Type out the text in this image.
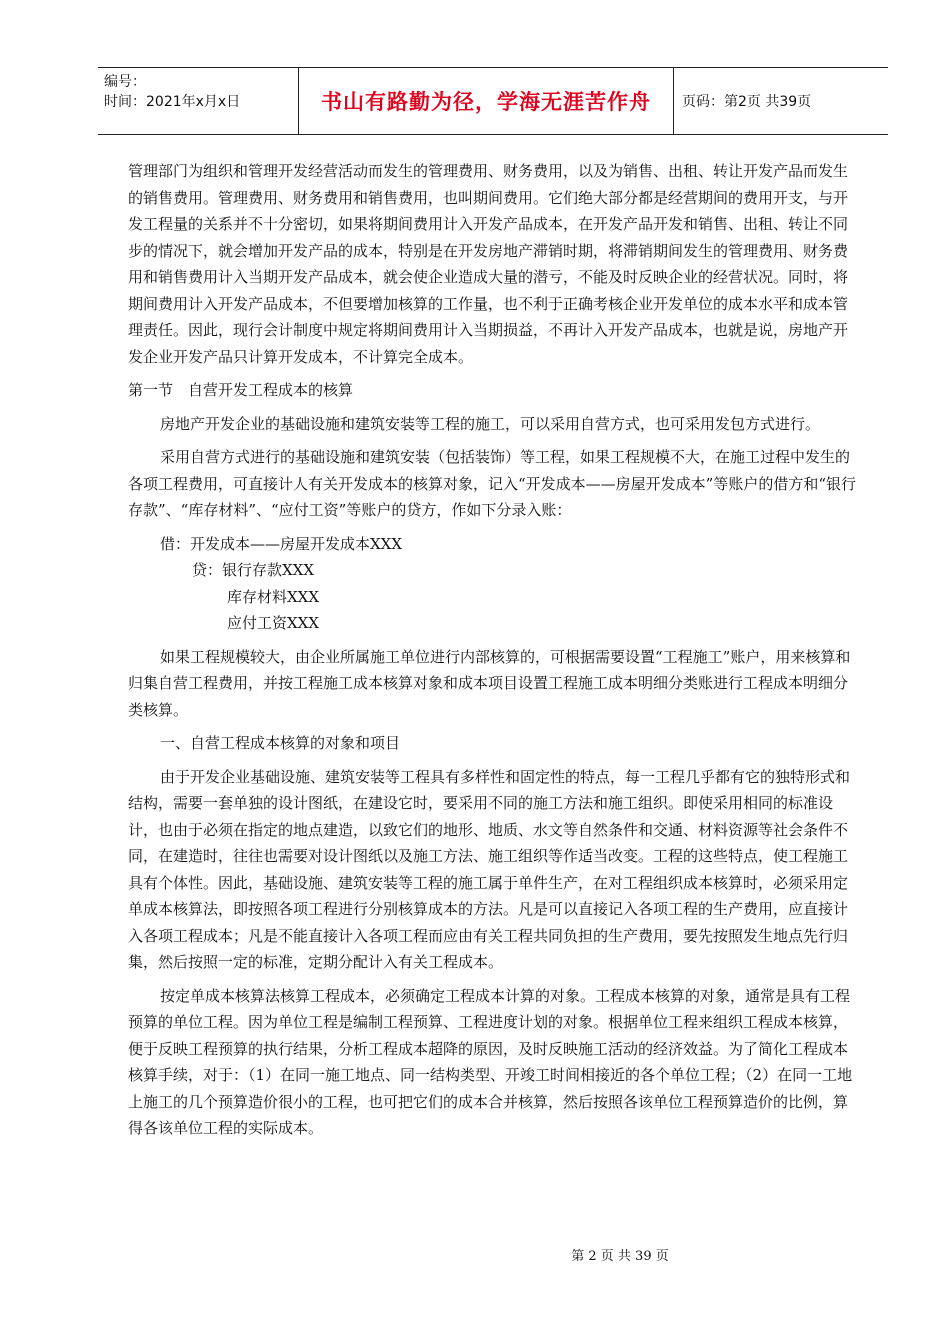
编号：
时间：2021年x月x日	书山有路勤为径，学海无涯苦作舟	页码：第2页 共39页

管理部门为组织和管理开发经营活动而发生的管理费用、财务费用，以及为销售、出租、转让开发产品而发生的销售费用。管理费用、财务费用和销售费用，也叫期间费用。它们绝大部分都是经营期间的费用开支，与开发工程量的关系并不十分密切，如果将期间费用计入开发产品成本，在开发产品开发和销售、出租、转让不同步的情况下，就会增加开发产品的成本，特别是在开发房地产滞销时期，将滞销期间发生的管理费用、财务费用和销售费用计入当期开发产品成本，就会使企业造成大量的潜亏，不能及时反映企业的经营状况。同时，将期间费用计入开发产品成本，不但要增加核算的工作量，也不利于正确考核企业开发单位的成本水平和成本管理责任。因此，现行会计制度中规定将期间费用计入当期损益，不再计入开发产品成本，也就是说，房地产开发企业开发产品只计算开发成本，不计算完全成本。

第一节　自营开发工程成本的核算

房地产开发企业的基础设施和建筑安装等工程的施工，可以采用自营方式，也可采用发包方式进行。

采用自营方式进行的基础设施和建筑安装（包括装饰）等工程，如果工程规模不大，在施工过程中发生的各项工程费用，可直接计人有关开发成本的核算对象，记入“开发成本——房屋开发成本”等账户的借方和“银行存款”、“库存材料”、“应付工资”等账户的贷方，作如下分录入账：

借：开发成本——房屋开发成本XXX

贷：银行存款XXX

库存材料XXX

应付工资XXX

如果工程规模较大，由企业所属施工单位进行内部核算的，可根据需要设置“工程施工”账户，用来核算和归集自营工程费用，并按工程施工成本核算对象和成本项目设置工程施工成本明细分类账进行工程成本明细分类核算。

一、自营工程成本核算的对象和项目

由于开发企业基础设施、建筑安装等工程具有多样性和固定性的特点，每一工程几乎都有它的独特形式和结构，需要一套单独的设计图纸，在建设它时，要采用不同的施工方法和施工组织。即使采用相同的标准设计，也由于必须在指定的地点建造，以致它们的地形、地质、水文等自然条件和交通、材料资源等社会条件不同，在建造时，往往也需要对设计图纸以及施工方法、施工组织等作适当改变。工程的这些特点，使工程施工具有个体性。因此，基础设施、建筑安装等工程的施工属于单件生产，在对工程组织成本核算时，必须采用定单成本核算法，即按照各项工程进行分别核算成本的方法。凡是可以直接记入各项工程的生产费用，应直接计入各项工程成本；凡是不能直接计入各项工程而应由有关工程共同负担的生产费用，要先按照发生地点先行归集，然后按照一定的标准，定期分配计入有关工程成本。

按定单成本核算法核算工程成本，必须确定工程成本计算的对象。工程成本核算的对象，通常是具有工程预算的单位工程。因为单位工程是编制工程预算、工程进度计划的对象。根据单位工程来组织工程成本核算，便于反映工程预算的执行结果，分析工程成本超降的原因，及时反映施工活动的经济效益。为了简化工程成本核算手续，对于：（1）在同一施工地点、同一结构类型、开竣工时间相接近的各个单位工程；（2）在同一工地上施工的几个预算造价很小的工程，也可把它们的成本合并核算，然后按照各该单位工程预算造价的比例，算得各该单位工程的实际成本。

第 2 页 共 39 页
